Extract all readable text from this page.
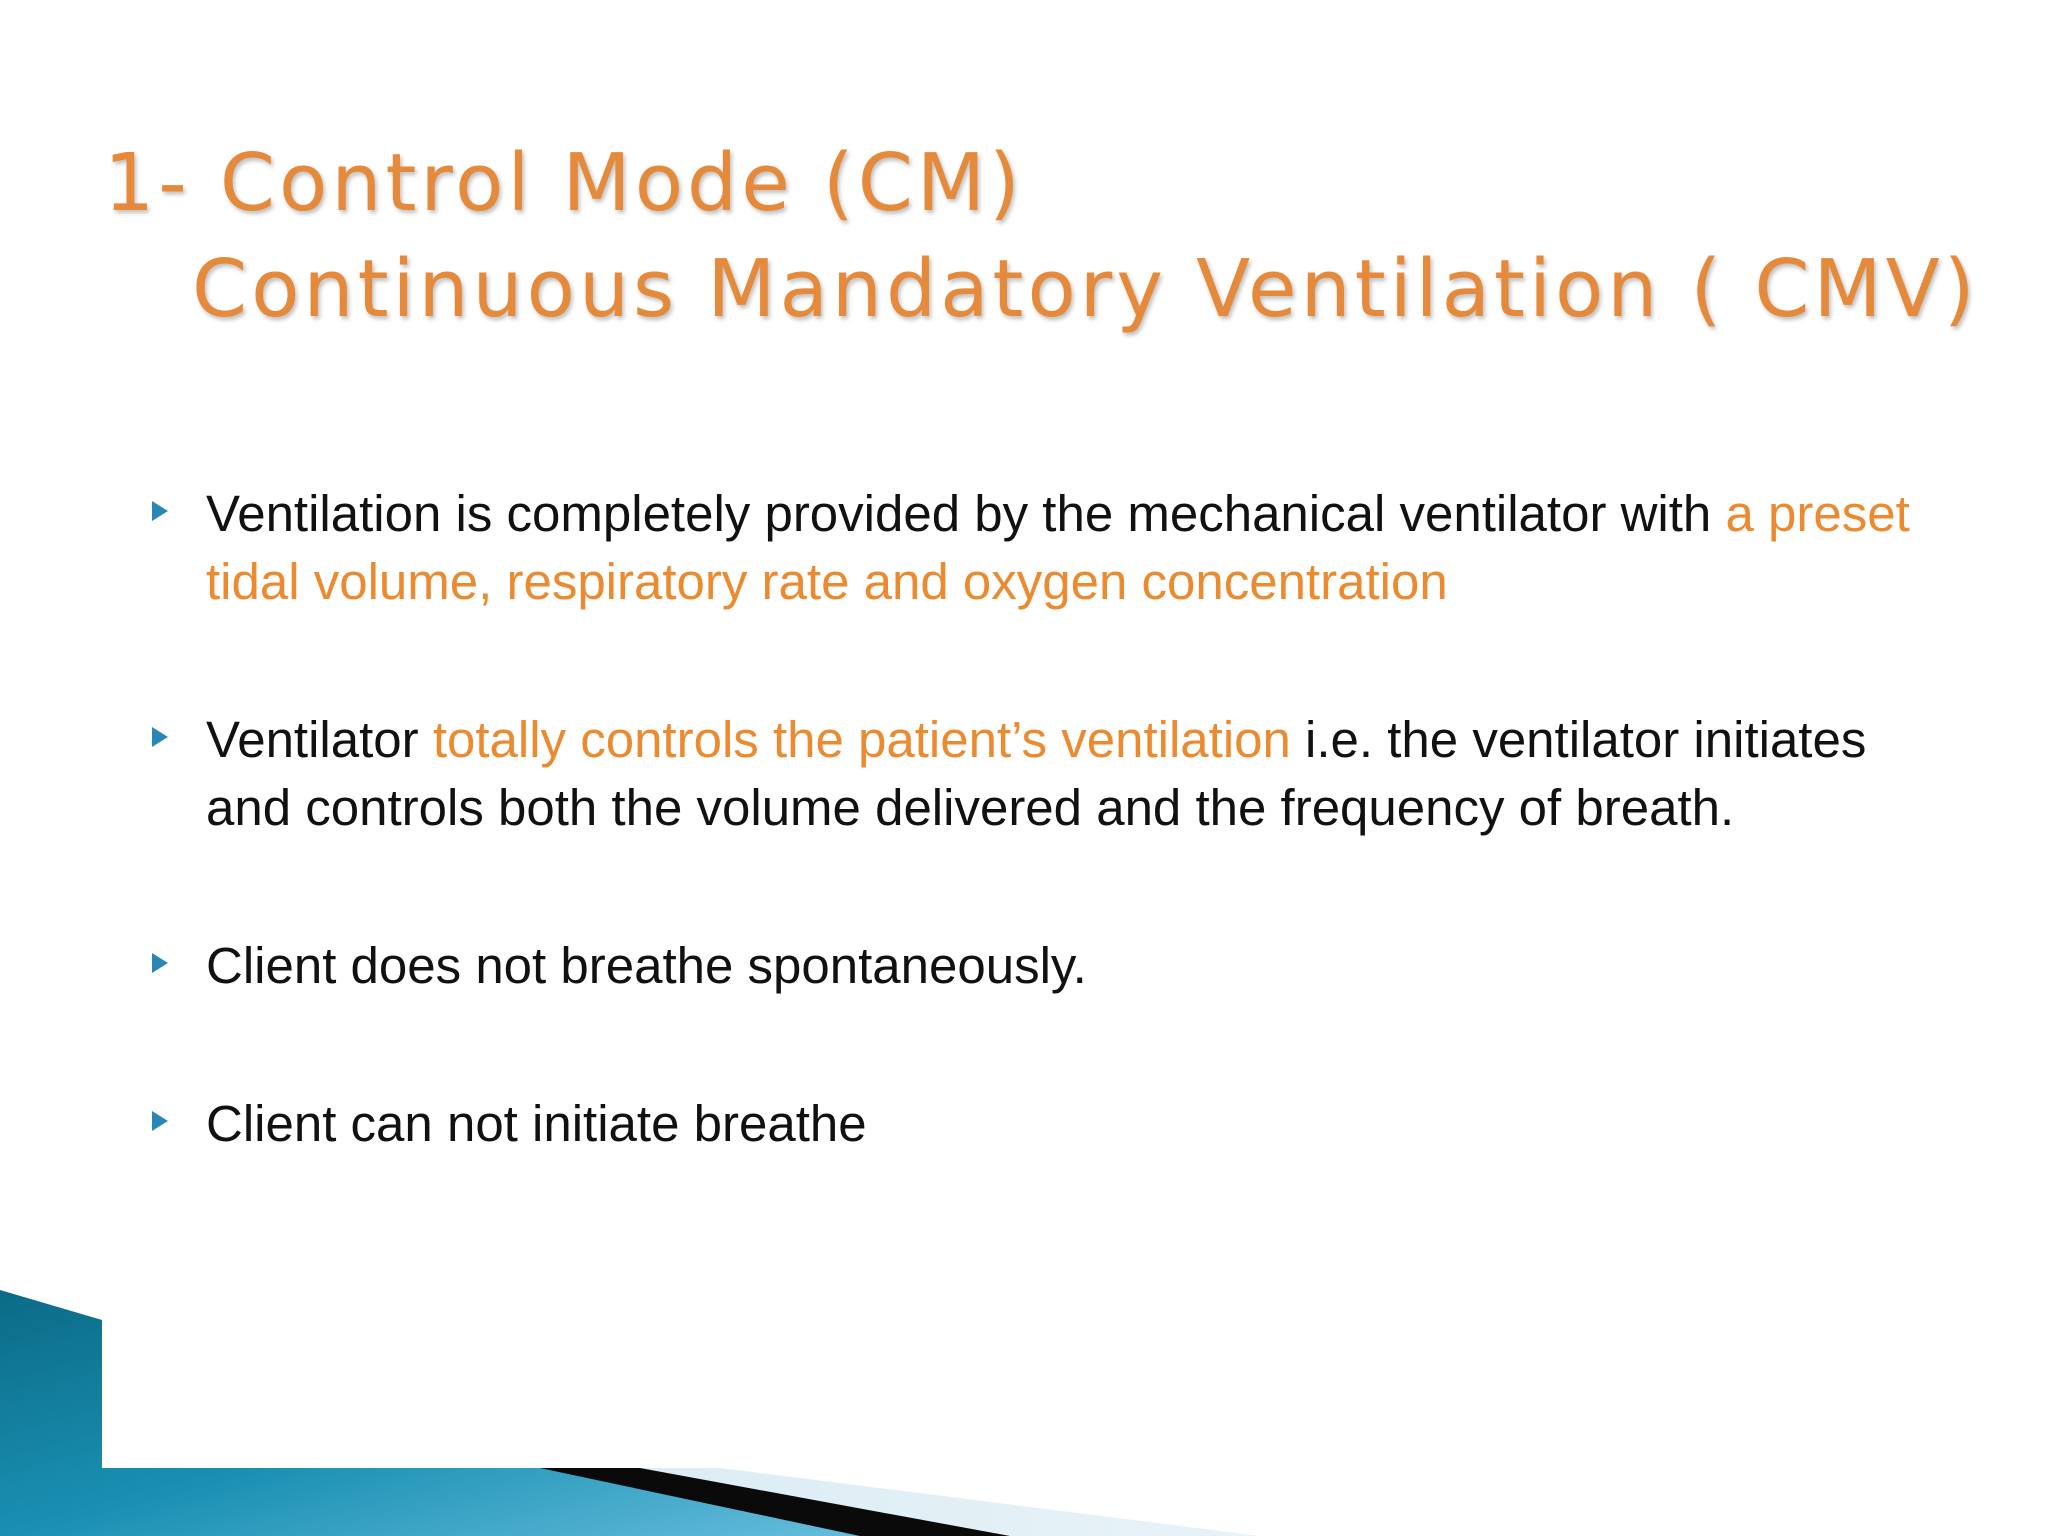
1- Control Mode (CM)
Continuous Mandatory Ventilation ( CMV)
Ventilation is completely provided by the mechanical ventilator with a preset tidal volume, respiratory rate and oxygen concentration
Ventilator totally controls the patient’s ventilation i.e. the ventilator initiates and controls both the volume delivered and the frequency of breath.
Client does not breathe spontaneously.
Client can not initiate breathe
